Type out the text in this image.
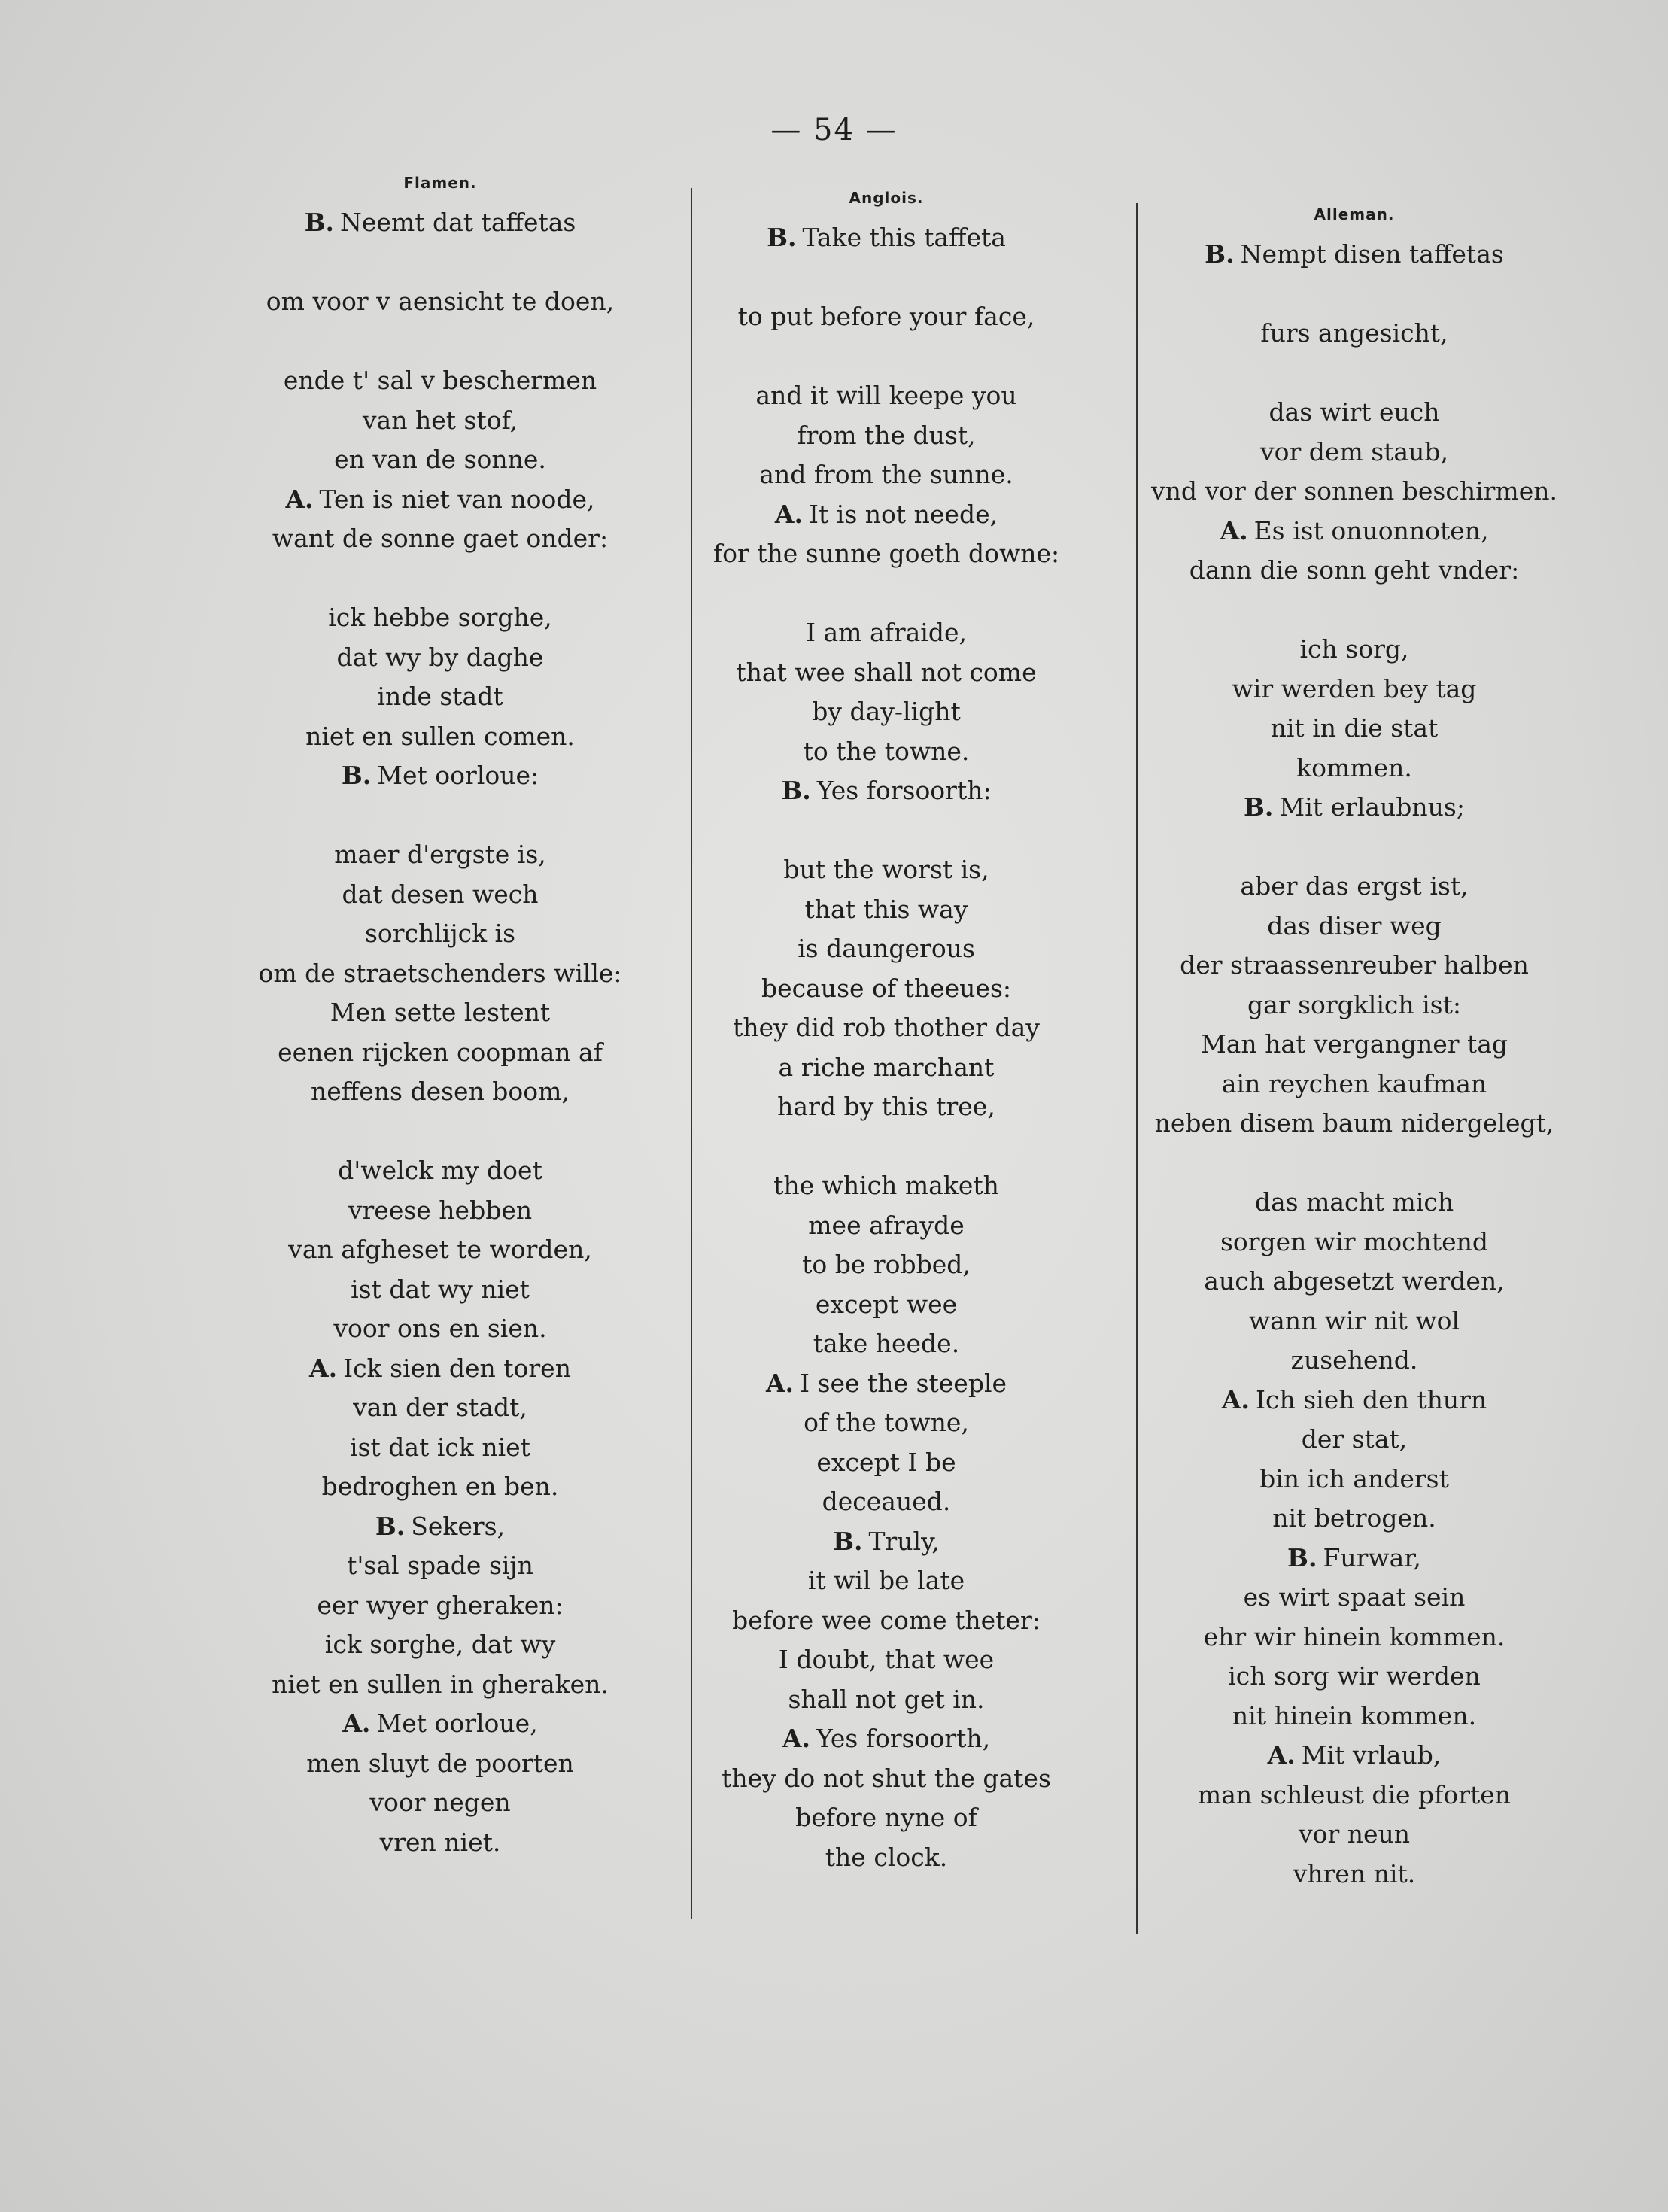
— 54 —
Flamen.
B. Neemt dat taffetas
om voor v aensicht te doen,
ende t' sal v beschermen
van het stof,
en van de sonne.
A. Ten is niet van noode,
want de sonne gaet onder:
ick hebbe sorghe,
dat wy by daghe
inde stadt
niet en sullen comen.
B. Met oorloue:
maer d'ergste is,
dat desen wech
sorchlijck is
om de straetschenders wille:
Men sette lestent
eenen rijcken coopman af
neffens desen boom,
d'welck my doet
vreese hebben
van afgheset te worden,
ist dat wy niet
voor ons en sien.
A. Ick sien den toren
van der stadt,
ist dat ick niet
bedroghen en ben.
B. Sekers,
t'sal spade sijn
eer wyer gheraken:
ick sorghe, dat wy
niet en sullen in gheraken.
A. Met oorloue,
men sluyt de poorten
voor negen
vren niet.
Anglois.
B. Take this taffeta
to put before your face,
and it will keepe you
from the dust,
and from the sunne.
A. It is not neede,
for the sunne goeth downe:
I am afraide,
that wee shall not come
by day-light
to the towne.
B. Yes forsoorth:
but the worst is,
that this way
is daungerous
because of theeues:
they did rob thother day
a riche marchant
hard by this tree,
the which maketh
mee afrayde
to be robbed,
except wee
take heede.
A. I see the steeple
of the towne,
except I be
deceaued.
B. Truly,
it wil be late
before wee come theter:
I doubt, that wee
shall not get in.
A. Yes forsoorth,
they do not shut the gates
before nyne of
the clock.
Alleman.
B. Nempt disen taffetas
furs angesicht,
das wirt euch
vor dem staub,
vnd vor der sonnen beschirmen.
A. Es ist onuonnoten,
dann die sonn geht vnder:
ich sorg,
wir werden bey tag
nit in die stat
kommen.
B. Mit erlaubnus;
aber das ergst ist,
das diser weg
der straassenreuber halben
gar sorgklich ist:
Man hat vergangner tag
ain reychen kaufman
neben disem baum nidergelegt,
das macht mich
sorgen wir mochtend
auch abgesetzt werden,
wann wir nit wol
zusehend.
A. Ich sieh den thurn
der stat,
bin ich anderst
nit betrogen.
B. Furwar,
es wirt spaat sein
ehr wir hinein kommen.
ich sorg wir werden
nit hinein kommen.
A. Mit vrlaub,
man schleust die pforten
vor neun
vhren nit.
